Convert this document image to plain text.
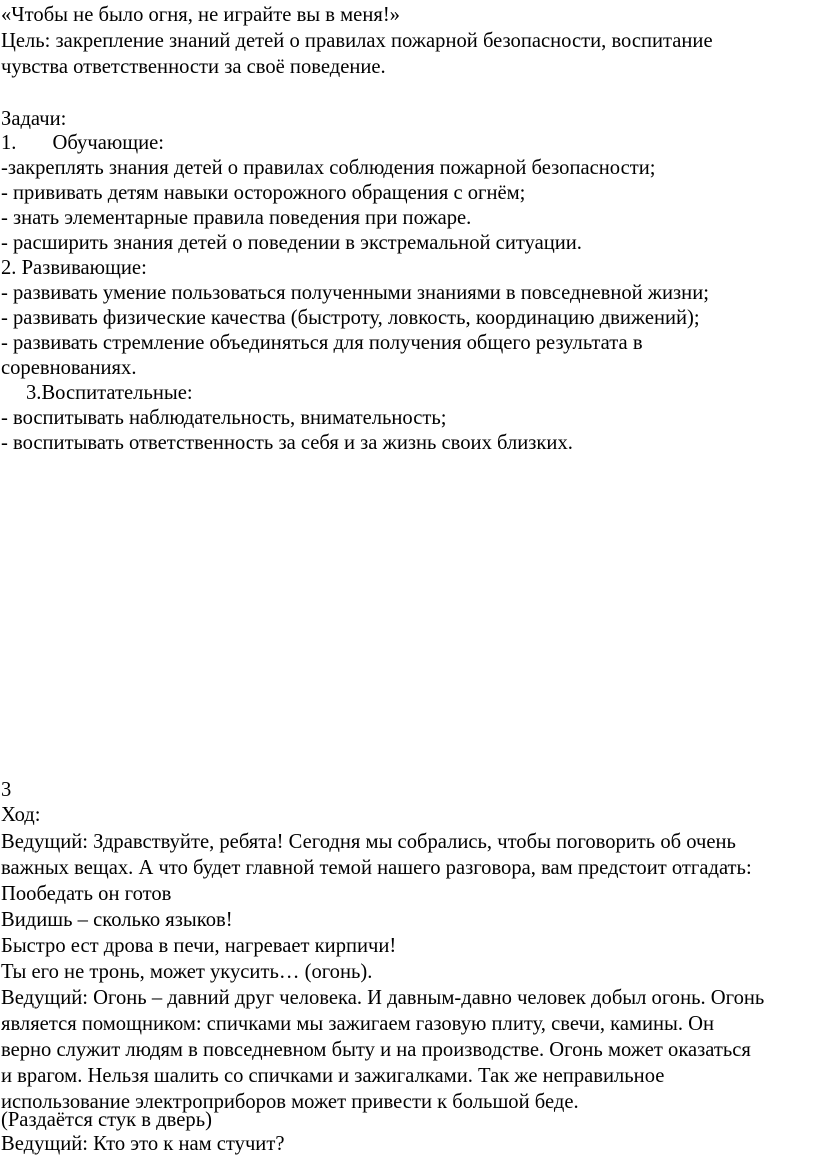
«Чтобы не было огня, не играйте вы в меня!»
Цель: закрепление знаний детей о правилах пожарной безопасности, воспитание
чувства ответственности за своё поведение.
Задачи:
1.       Обучающие:
-закреплять знания детей о правилах соблюдения пожарной безопасности;
- прививать детям навыки осторожного обращения с огнём;
- знать элементарные правила поведения при пожаре.
- расширить знания детей о поведении в экстремальной ситуации.
2. Развивающие:
- развивать умение пользоваться полученными знаниями в повседневной жизни;
- развивать физические качества (быстроту, ловкость, координацию движений);
- развивать стремление объединяться для получения общего результата в
соревнованиях.
3.Воспитательные:
- воспитывать наблюдательность, внимательность;
- воспитывать ответственность за себя и за жизнь своих близких.
3
Ход:
Ведущий: Здравствуйте, ребята! Сегодня мы собрались, чтобы поговорить об очень
важных вещах. А что будет главной темой нашего разговора, вам предстоит отгадать:
Пообедать он готов
Видишь – сколько языков!
Быстро ест дрова в печи, нагревает кирпичи!
Ты его не тронь, может укусить… (огонь).
Ведущий: Огонь – давний друг человека. И давным-давно человек добыл огонь. Огонь
является помощником: спичками мы зажигаем газовую плиту, свечи, камины. Он
верно служит людям в повседневном быту и на производстве. Огонь может оказаться
и врагом. Нельзя шалить со спичками и зажигалками. Так же неправильное
использование электроприборов может привести к большой беде.
(Раздаётся стук в дверь)
Ведущий: Кто это к нам стучит?
